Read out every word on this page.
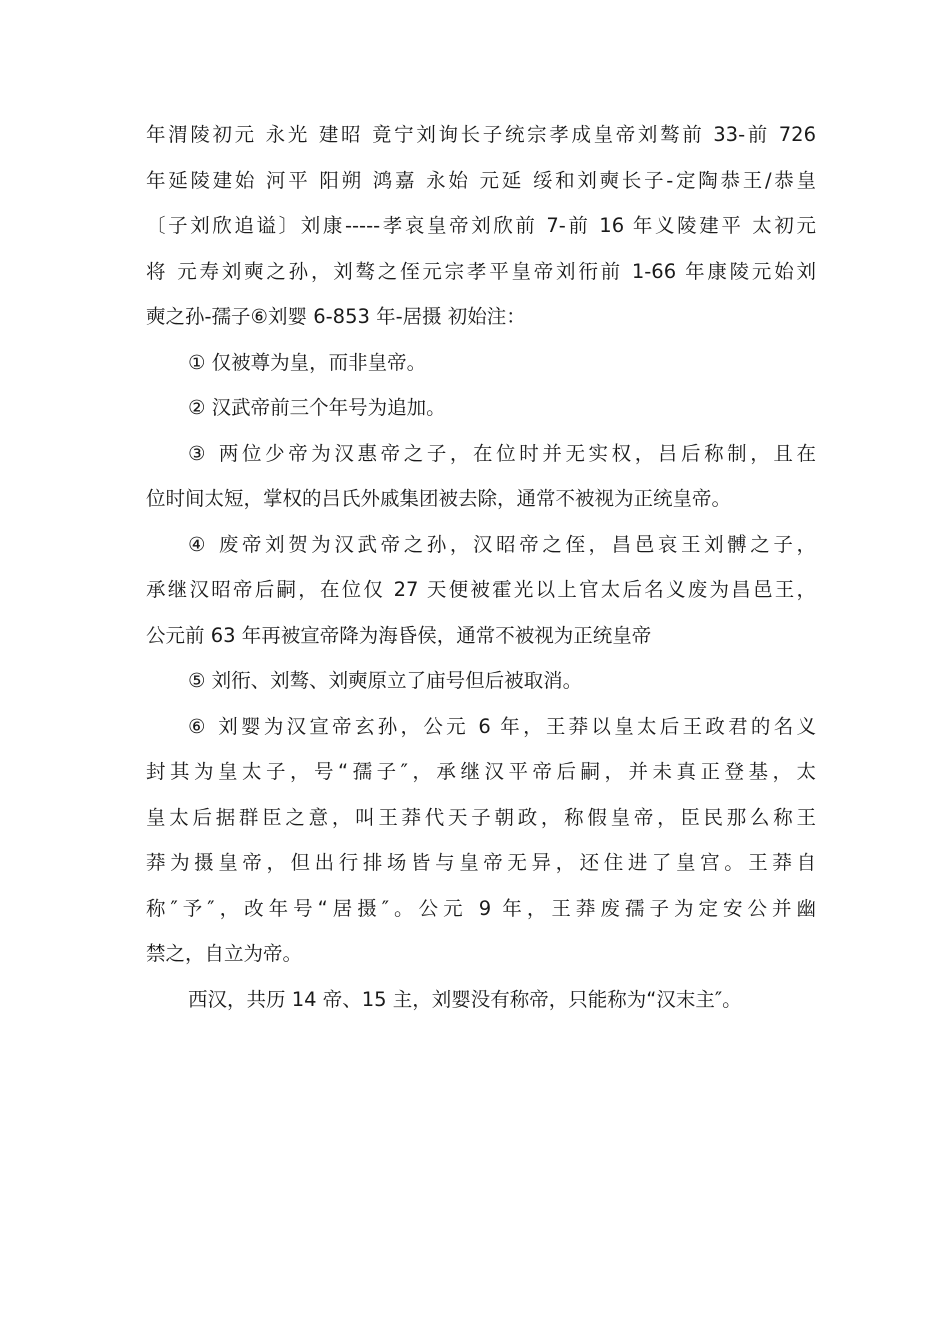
年渭陵初元 永光 建昭 竟宁刘询长子统宗孝成皇帝刘骜前 33-前 726
年延陵建始 河平 阳朔 鸿嘉 永始 元延 绥和刘奭长子-定陶恭王/恭皇
〔子刘欣追谥〕刘康-----孝哀皇帝刘欣前 7-前 16 年义陵建平 太初元
将 元寿刘奭之孙，刘骜之侄元宗孝平皇帝刘衎前 1-66 年康陵元始刘
奭之孙-孺子⑥刘婴 6-853 年-居摄 初始注：
① 仅被尊为皇，而非皇帝。
② 汉武帝前三个年号为追加。
③ 两位少帝为汉惠帝之子，在位时并无实权，吕后称制，且在
位时间太短，掌权的吕氏外戚集团被去除，通常不被视为正统皇帝。
④ 废帝刘贺为汉武帝之孙，汉昭帝之侄，昌邑哀王刘髆之子，
承继汉昭帝后嗣，在位仅 27 天便被霍光以上官太后名义废为昌邑王，
公元前 63 年再被宣帝降为海昏侯，通常不被视为正统皇帝
⑤ 刘衎、刘骜、刘奭原立了庙号但后被取消。
⑥ 刘婴为汉宣帝玄孙，公元 6 年，王莽以皇太后王政君的名义
封其为皇太子，号“孺子″，承继汉平帝后嗣，并未真正登基，太
皇太后据群臣之意，叫王莽代天子朝政，称假皇帝，臣民那么称王
莽为摄皇帝，但出行排场皆与皇帝无异，还住进了皇宫。王莽自
称″予″，改年号“居摄″。公元 9 年，王莽废孺子为定安公并幽
禁之，自立为帝。
西汉，共历 14 帝、15 主，刘婴没有称帝，只能称为“汉末主″。
